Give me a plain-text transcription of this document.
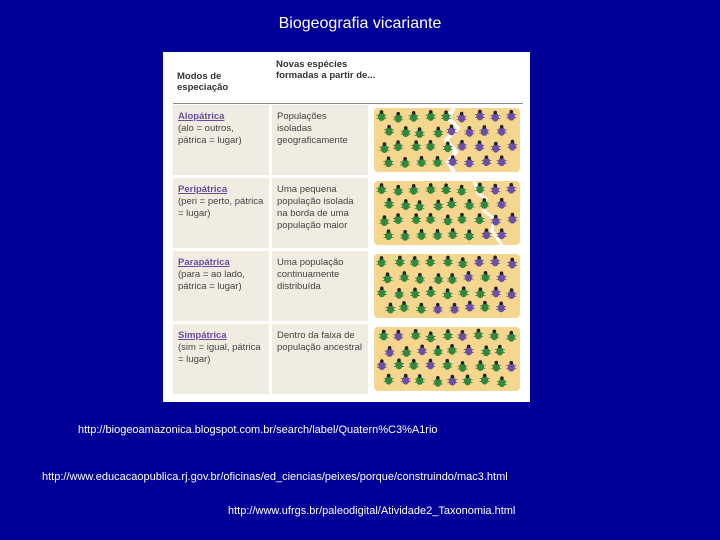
Biogeografia vicariante
Modos de especiação
Novas espécies formadas a partir de...
Alopátrica
(alo = outros, pátrica = lugar)
Populações isoladas geograficamente
Peripátrica
(peri = perto, pátrica = lugar)
Uma pequena população isolada na borda de uma população maior
Parapátrica
(para = ao lado, pátrica = lugar)
Uma população continuamente distribuída
Simpátrica
(sim = igual, pátrica = lugar)
Dentro da faixa de população ancestral
http://biogeoamazonica.blogspot.com.br/search/label/Quatern%C3%A1rio
http://www.educacaopublica.rj.gov.br/oficinas/ed_ciencias/peixes/porque/construindo/mac3.html
http://www.ufrgs.br/paleodigital/Atividade2_Taxonomia.html
